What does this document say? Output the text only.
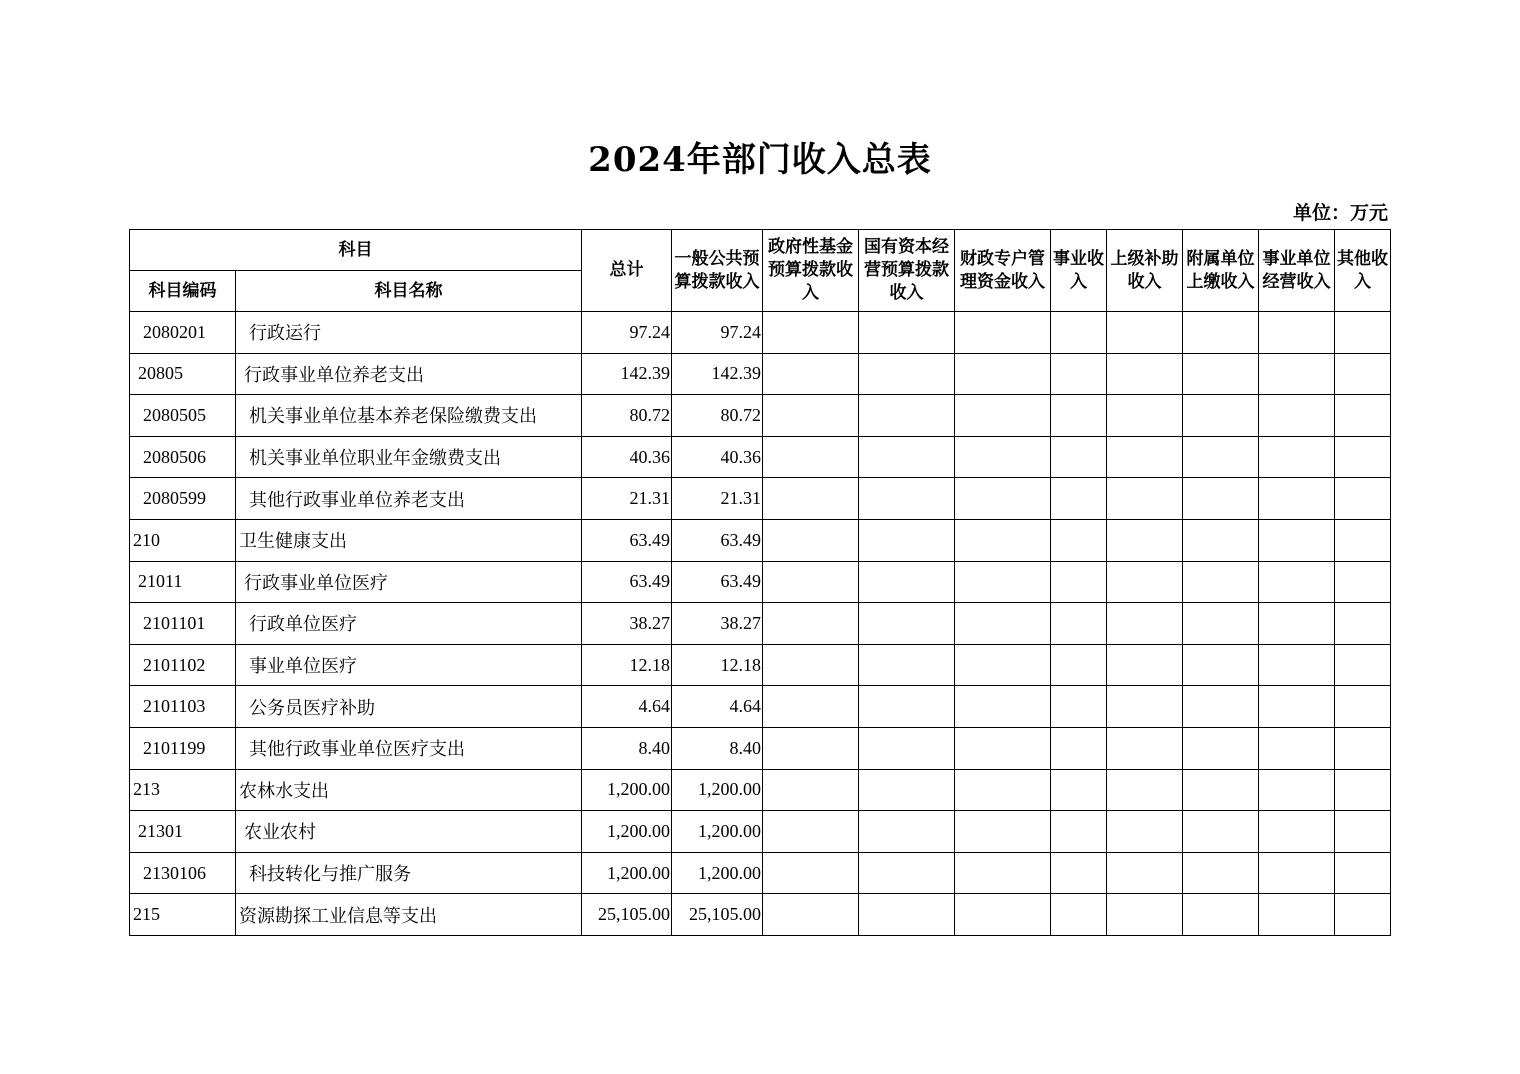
2024年部门收入总表
单位：万元
科目		总计	一般公共预算拨款收入	政府性基金预算拨款收入	国有资本经营预算拨款收入	财政专户管理资金收入	事业收入	上级补助收入	附属单位上缴收入	事业单位经营收入	其他收入
科目编码	科目名称										
2080201	行政运行	97.24	97.24								
20805	行政事业单位养老支出	142.39	142.39								
2080505	机关事业单位基本养老保险缴费支出	80.72	80.72								
2080506	机关事业单位职业年金缴费支出	40.36	40.36								
2080599	其他行政事业单位养老支出	21.31	21.31								
210	卫生健康支出	63.49	63.49								
21011	行政事业单位医疗	63.49	63.49								
2101101	行政单位医疗	38.27	38.27								
2101102	事业单位医疗	12.18	12.18								
2101103	公务员医疗补助	4.64	4.64								
2101199	其他行政事业单位医疗支出	8.40	8.40								
213	农林水支出	1,200.00	1,200.00								
21301	农业农村	1,200.00	1,200.00								
2130106	科技转化与推广服务	1,200.00	1,200.00								
215	资源勘探工业信息等支出	25,105.00	25,105.00								
